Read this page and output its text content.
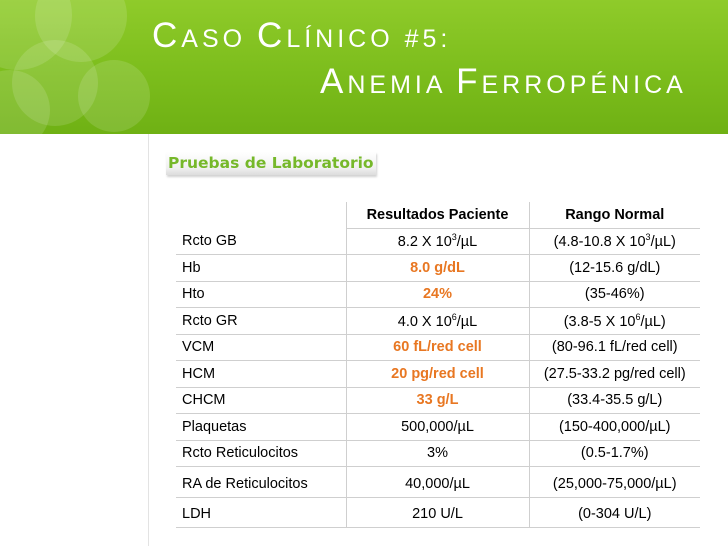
CASO CLÍNICO #5:
ANEMIA FERROPÉNICA
Pruebas de Laboratorio
	Resultados Paciente	Rango Normal
Rcto GB	8.2 X $10^3/\mu L$	(4.8-10.8 X $10^3/\mu L$)
Hb	8.0 g/dL	(12-15.6 g/dL)
Hto	24%	(35-46%)
Rcto GR	4.0 X $10^6/\mu L$	(3.8-5 X $10^6/\mu L$)
VCM	60 fL/red cell	(80-96.1 fL/red cell)
HCM	20 pg/red cell	(27.5-33.2 pg/red cell)
CHCM	33 g/L	(33.4-35.5 g/L)
Plaquetas	500,000/µL	(150-400,000/µL)
Rcto Reticulocitos	3%	(0.5-1.7%)
RA de Reticulocitos	40,000/µL	(25,000-75,000/µL)
LDH	210 U/L	(0-304 U/L)
